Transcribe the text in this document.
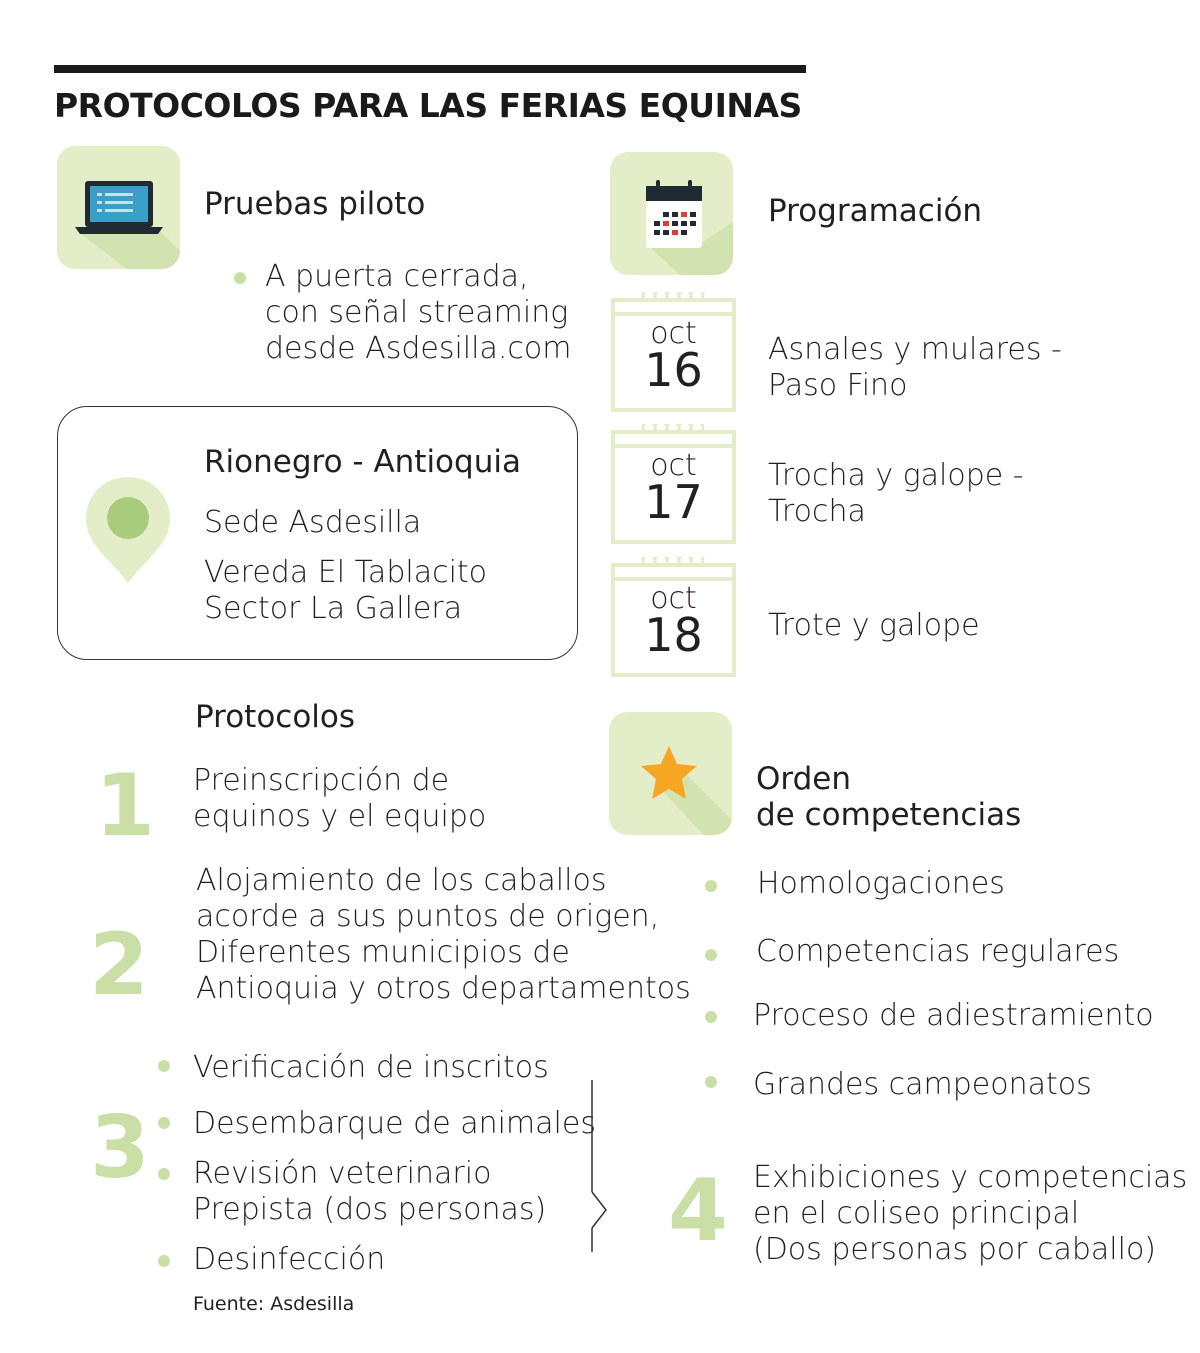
PROTOCOLOS PARA LAS FERIAS EQUINAS
Pruebas piloto
A puerta cerrada,
con señal streaming
desde Asdesilla.com
Rionegro - Antioquia
Sede Asdesilla
Vereda El Tablacito
Sector La Gallera
Programación
oct
16	Asnales y mulares -
Paso Fino
oct
17	Trocha y galope -
Trocha
oct
18	Trote y galope
Protocolos
1 Preinscripción de
equinos y el equipo
2
Alojamiento de los caballos
acorde a sus puntos de origen,
Diferentes municipios de
Antioquia y otros departamentos
3
Verificación de inscritos
Desembarque de animales
Revisión veterinario
Prepista (dos personas)
Desinfección	4 Exhibiciones y competencias
en el coliseo principal
(Dos personas por caballo)
Orden
de competencias
Homologaciones
Competencias regulares
Proceso de adiestramiento
Grandes campeonatos
Fuente: Asdesilla
